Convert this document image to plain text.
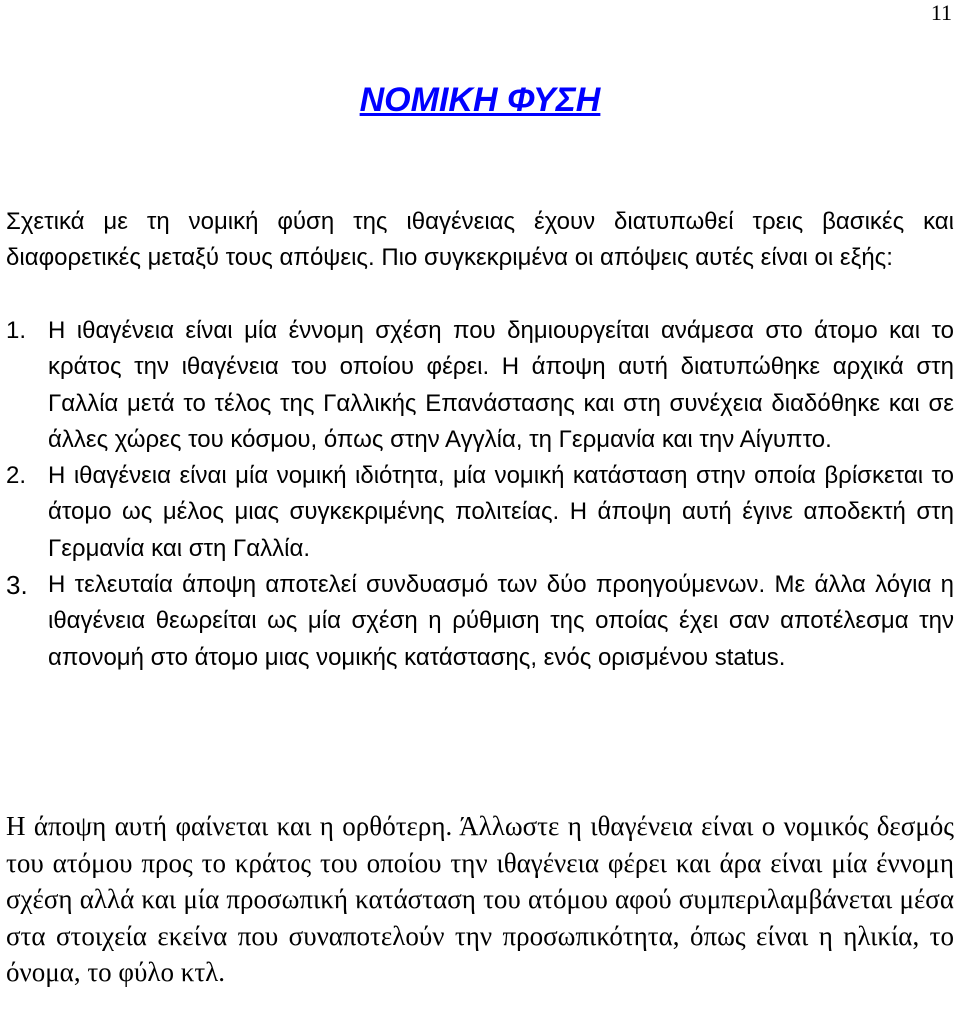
11
ΝΟΜΙΚΗ ΦΥΣΗ

Σχετικά με τη νομική φύση της ιθαγένειας έχουν διατυπωθεί τρεις βασικές και διαφορετικές μεταξύ τους απόψεις. Πιο συγκεκριμένα οι απόψεις αυτές είναι οι εξής:

1. Η ιθαγένεια είναι μία έννομη σχέση που δημιουργείται ανάμεσα στο άτομο και το κράτος την ιθαγένεια του οποίου φέρει. Η άποψη αυτή διατυπώθηκε αρχικά στη Γαλλία μετά το τέλος της Γαλλικής Επανάστασης και στη συνέχεια διαδόθηκε και σε άλλες χώρες του κόσμου, όπως στην Αγγλία, τη Γερμανία και την Αίγυπτο.
2. Η ιθαγένεια είναι μία νομική ιδιότητα, μία νομική κατάσταση στην οποία βρίσκεται το άτομο ως μέλος μιας συγκεκριμένης πολιτείας. Η άποψη αυτή έγινε αποδεκτή στη Γερμανία και στη Γαλλία.
3. Η τελευταία άποψη αποτελεί συνδυασμό των δύο προηγούμενων. Με άλλα λόγια η ιθαγένεια θεωρείται ως μία σχέση η ρύθμιση της οποίας έχει σαν αποτέλεσμα την απονομή στο άτομο μιας νομικής κατάστασης, ενός ορισμένου status.

Η άποψη αυτή φαίνεται και η ορθότερη. Άλλωστε η ιθαγένεια είναι ο νομικός δεσμός του ατόμου προς το κράτος του οποίου την ιθαγένεια φέρει και άρα είναι μία έννομη σχέση αλλά και μία προσωπική κατάσταση του ατόμου αφού συμπεριλαμβάνεται μέσα στα στοιχεία εκείνα που συναποτελούν την προσωπικότητα, όπως είναι η ηλικία, το όνομα, το φύλο κτλ.
